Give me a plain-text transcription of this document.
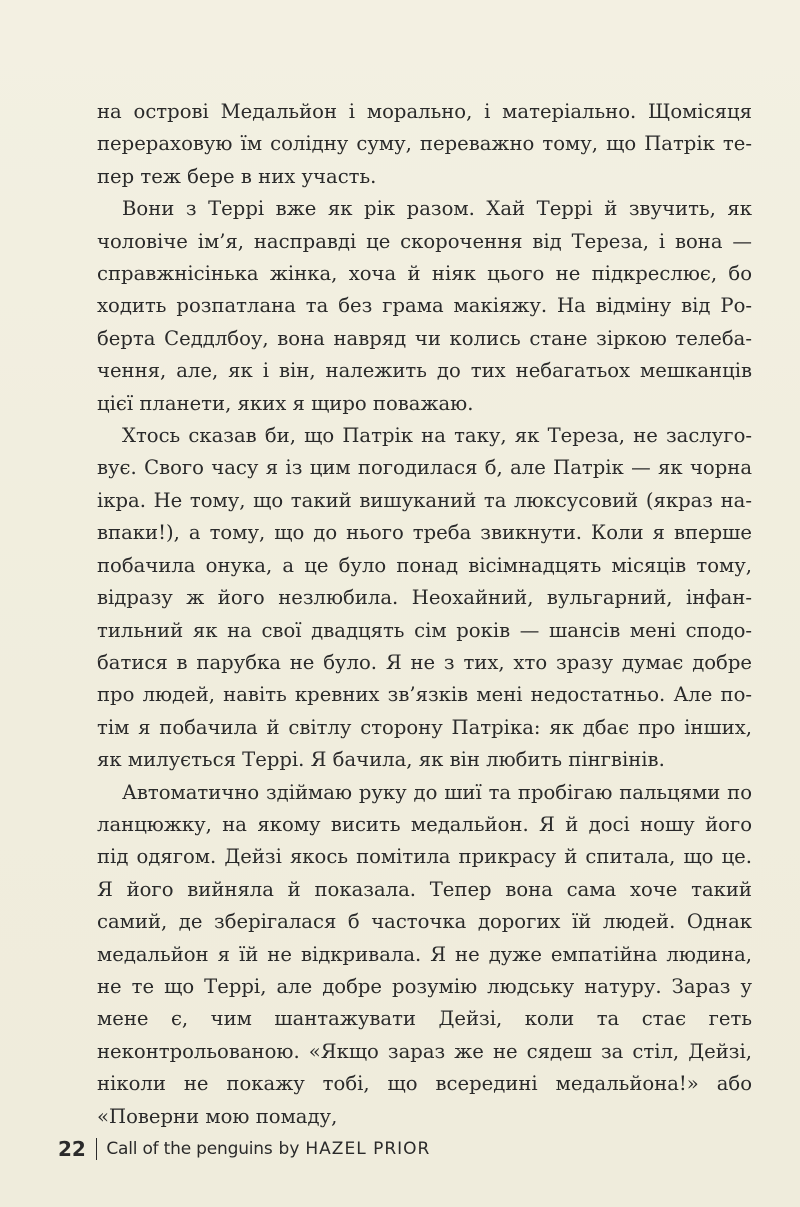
на острові Медальйон і морально, і матеріально. Щомісяця перераховую їм солідну суму, переважно тому, що Патрік тепер теж бере в них участь.

Вони з Террі вже як рік разом. Хай Террі й звучить, як чоловіче ім’я, насправді це скорочення від Тереза, і вона — справжнісінька жінка, хоча й ніяк цього не підкреслює, бо ходить розпатлана та без грама макіяжу. На відміну від Роберта Седдлбоу, вона навряд чи колись стане зіркою телебачення, але, як і він, належить до тих небагатьох мешканців цієї планети, яких я щиро поважаю.

Хтось сказав би, що Патрік на таку, як Тереза, не заслуговує. Свого часу я із цим погодилася б, але Патрік — як чорна ікра. Не тому, що такий вишуканий та люксусовий (якраз навпаки!), а тому, що до нього треба звикнути. Коли я вперше побачила онука, а це було понад вісімнадцять місяців тому, відразу ж його незлюбила. Неохайний, вульгарний, інфантильний як на свої двадцять сім років — шансів мені сподобатися в парубка не було. Я не з тих, хто зразу думає добре про людей, навіть кревних зв’язків мені недостатньо. Але потім я побачила й світлу сторону Патріка: як дбає про інших, як милується Террі. Я бачила, як він любить пінгвінів.

Автоматично здіймаю руку до шиї та пробігаю пальцями по ланцюжку, на якому висить медальйон. Я й досі ношу його під одягом. Дейзі якось помітила прикрасу й спитала, що це. Я його вийняла й показала. Тепер вона сама хоче такий самий, де зберігалася б часточка дорогих їй людей. Однак медальйон я їй не відкривала. Я не дуже емпатійна людина, не те що Террі, але добре розумію людську натуру. Зараз у мене є, чим шантажувати Дейзі, коли та стає геть неконтрольованою. «Якщо зараз же не сядеш за стіл, Дейзі, ніколи не покажу тобі, що всередині медальйона!» або «Поверни мою помаду,

22 Call of the penguins by HAZEL PRIOR
